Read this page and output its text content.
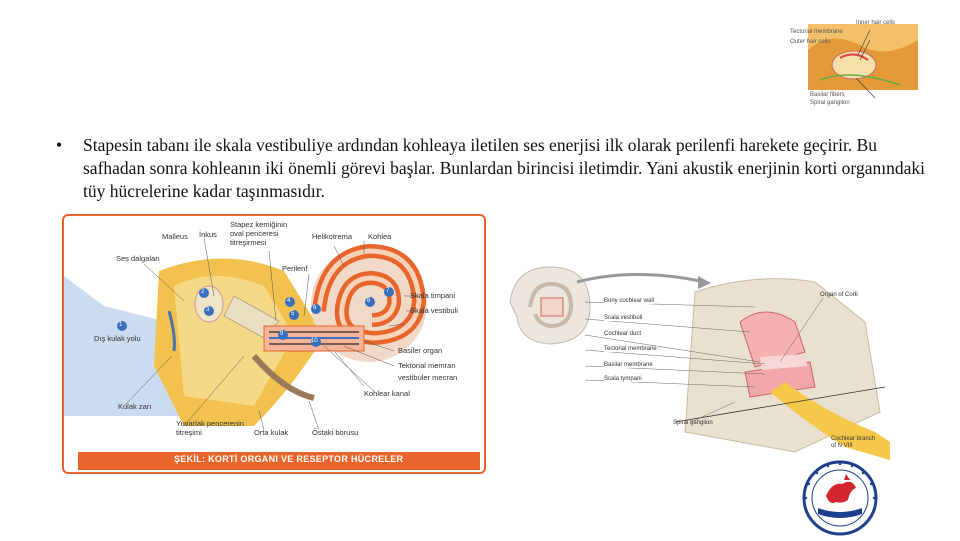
Inner hair cells
Tectorial membrane
Outer hair cells
Basilar fibers
Spiral ganglion
• Stapesin tabanı ile skala vestibuliye ardından kohleaya iletilen ses enerjisi ilk olarak perilenfi harekete geçirir. Bu safhadan sonra kohleanın iki önemli görevi başlar. Bunlardan birincisi iletimdir. Yani akustik enerjinin korti organındaki tüy hücrelerine kadar taşınmasıdır.
1
2
3
4
5
6
7
8
9
10
Ses dalgaları
Malleus İnkus
Stapez kemiğinin oval penceresi titreşirmesi
Helikotrema Kohlea
Perilenf
Skala timpani
Skala vestibuli
Dış kulak yolu
Basiler organ
Tektorial memran
vestibuler mecran
Kohlear kanal
Kulak zarı
Yuvarlak pencerenin titreşimi	Orta kulak	Östaki borusu
ŞEKİL: KORTİ ORGANI VE RESEPTOR HÜCRELER
Bony cochlear wall
Scala vestibuli
Cochlear duct
Tectorial membrane
Basilar membrane
Scala tympani
Organ of Corti
Spiral ganglion
Cochlear branch of N VIII
